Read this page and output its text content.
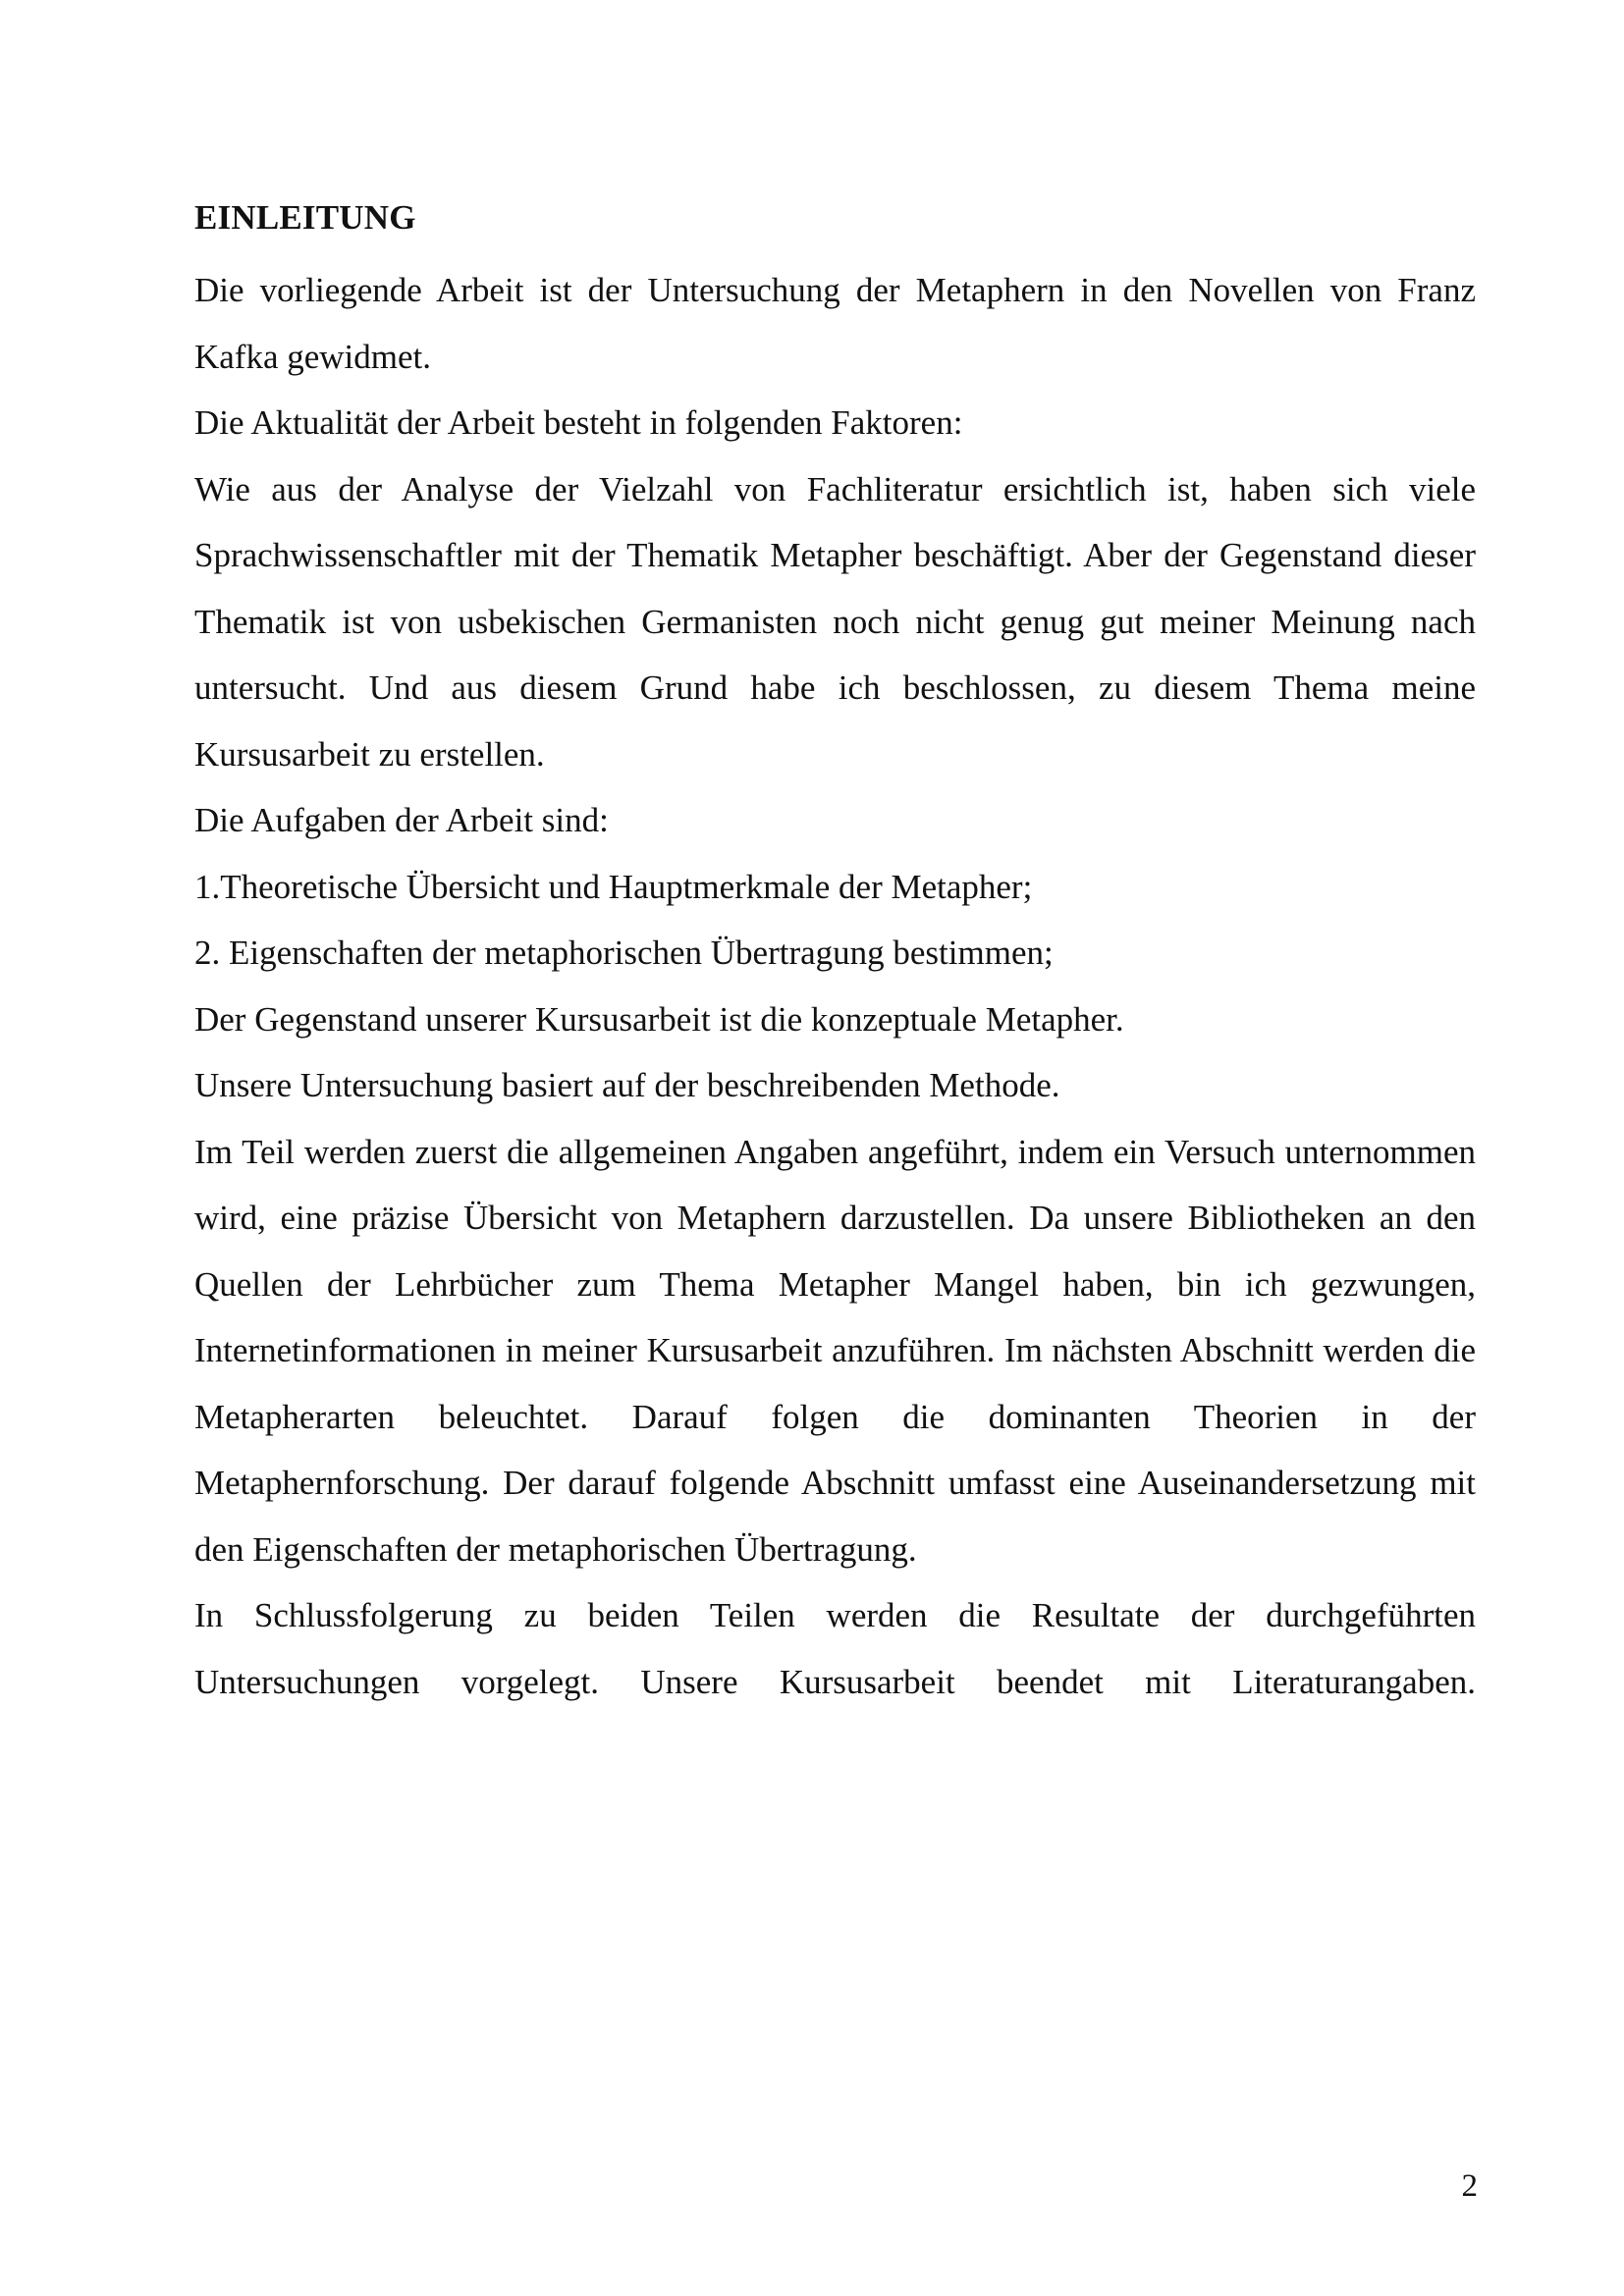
EINLEITUNG

Die vorliegende Arbeit ist der Untersuchung der Metaphern in den Novellen von Franz Kafka gewidmet.

Die Aktualität der Arbeit besteht in folgenden Faktoren:

Wie aus der Analyse der Vielzahl von Fachliteratur ersichtlich ist, haben sich viele Sprachwissenschaftler mit der Thematik Metapher beschäftigt. Aber der Gegenstand dieser Thematik ist von usbekischen Germanisten noch nicht genug gut meiner Meinung nach untersucht. Und aus diesem Grund habe ich beschlossen, zu diesem Thema meine Kursusarbeit zu erstellen.

Die Aufgaben der Arbeit sind:

1.Theoretische Übersicht und Hauptmerkmale der Metapher;

2. Eigenschaften der metaphorischen Übertragung bestimmen;

Der Gegenstand unserer Kursusarbeit ist die konzeptuale Metapher.

Unsere Untersuchung basiert auf der beschreibenden Methode.

Im Teil werden zuerst die allgemeinen Angaben angeführt, indem ein Versuch unternommen wird, eine präzise Übersicht von Metaphern darzustellen. Da unsere Bibliotheken an den Quellen der Lehrbücher zum Thema Metapher Mangel haben, bin ich gezwungen, Internetinformationen in meiner Kursusarbeit anzuführen. Im nächsten Abschnitt werden die Metapherarten beleuchtet. Darauf folgen die dominanten Theorien in der Metaphernforschung. Der darauf folgende Abschnitt umfasst eine Auseinandersetzung mit den Eigenschaften der metaphorischen Übertragung.

In Schlussfolgerung zu beiden Teilen werden die Resultate der durchgeführten Untersuchungen vorgelegt. Unsere Kursusarbeit beendet mit Literaturangaben.

2
